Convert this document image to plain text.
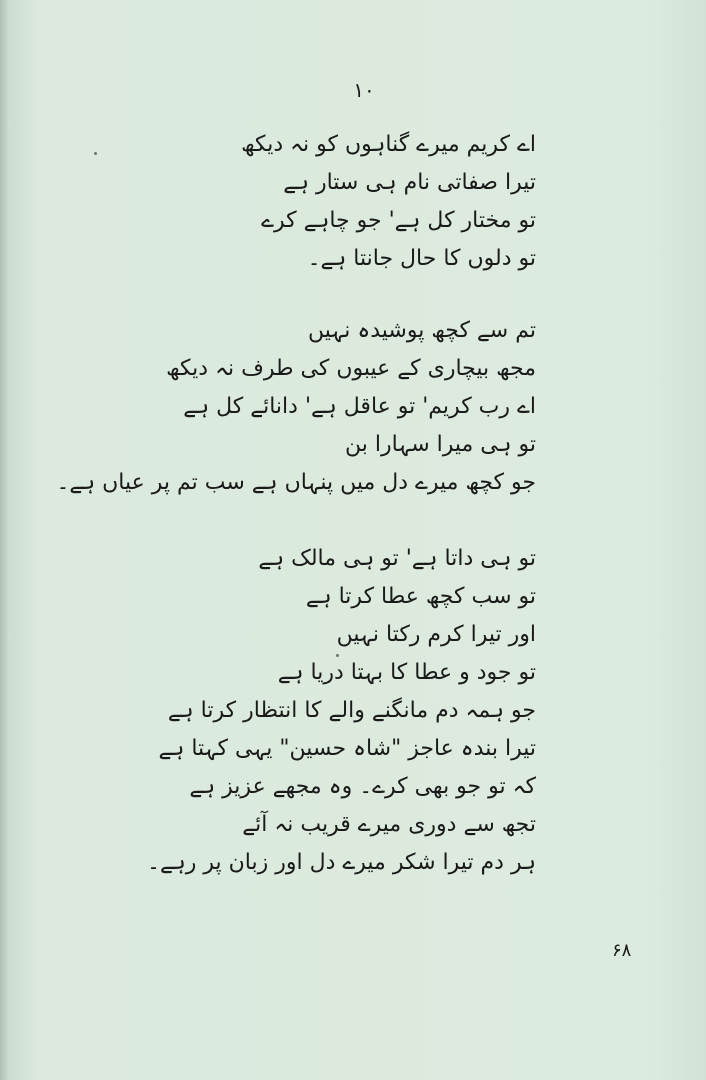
۱۰
اے کریم میرے گناہوں کو نہ دیکھ
تیرا صفاتی نام ہی ستار ہے
تو مختار کل ہے' جو چاہے کرے
تو دلوں کا حال جانتا ہے۔
تم سے کچھ پوشیدہ نہیں
مجھ بیچاری کے عیبوں کی طرف نہ دیکھ
اے رب کریم' تو عاقل ہے' دانائے کل ہے
تو ہی میرا سہارا بن
جو کچھ میرے دل میں پنہاں ہے سب تم پر عیاں ہے۔
تو ہی داتا ہے' تو ہی مالک ہے
تو سب کچھ عطا کرتا ہے
اور تیرا کرم رکتا نہیں
تو جود و عطا کا بہتا دریا ہے
جو ہمہ دم مانگنے والے کا انتظار کرتا ہے
تیرا بندہ عاجز "شاہ حسین" یہی کہتا ہے
کہ تو جو بھی کرے۔ وہ مجھے عزیز ہے
تجھ سے دوری میرے قریب نہ آئے
ہر دم تیرا شکر میرے دل اور زبان پر رہے۔
۶۸
